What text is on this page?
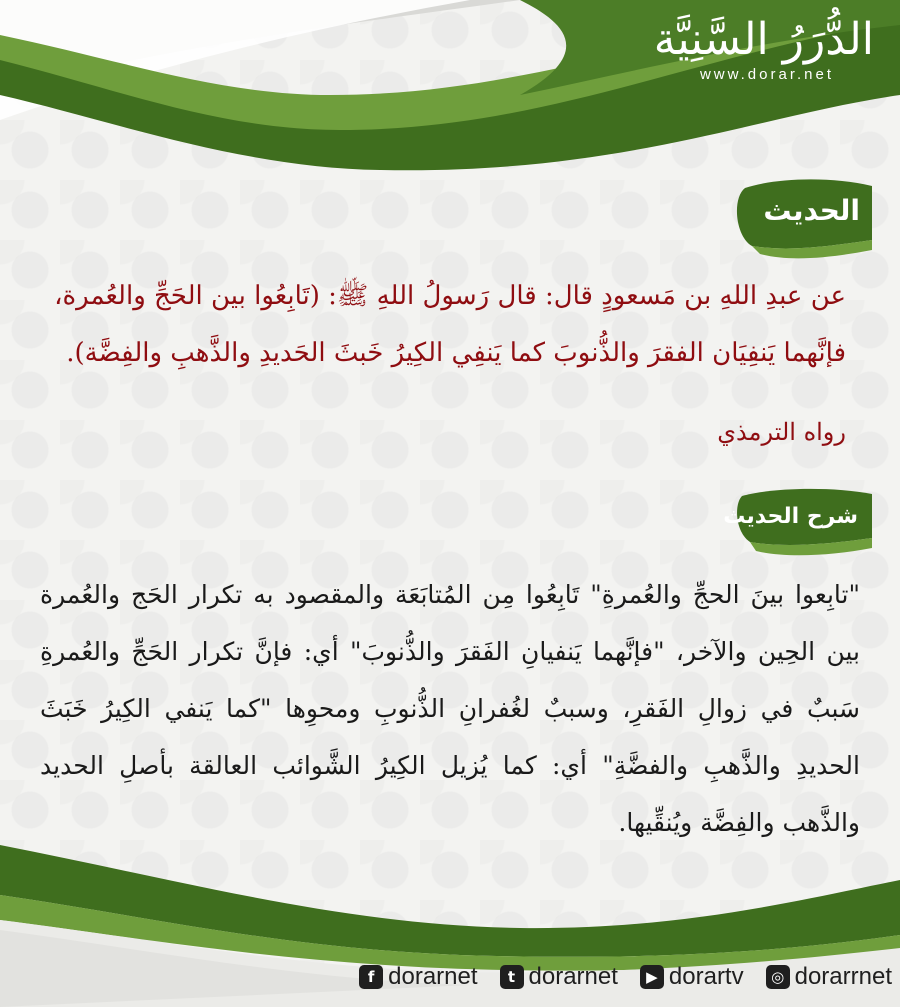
الدُّرَرُ السَّنِيَّة
www.dorar.net
الحديث
عن عبدِ اللهِ بن مَسعودٍ قال: قال رَسولُ اللهِ ﷺ: (تَابِعُوا بين الحَجِّ والعُمرة، فإنَّهما يَنفِيَان الفقرَ والذُّنوبَ كما يَنفِي الكِيرُ خَبثَ الحَديدِ والذَّهبِ والفِضَّة).
رواه الترمذي
شرح الحديث
"تابِعوا بينَ الحجِّ والعُمرةِ" تَابِعُوا مِن المُتابَعَة والمقصود به تكرار الحَج والعُمرة بين الحِين والآخر، "فإنَّهما يَنفيانِ الفَقرَ والذُّنوبَ" أي: فإنَّ تكرار الحَجِّ والعُمرةِ سَببٌ في زوالِ الفَقرِ، وسببٌ لغُفرانِ الذُّنوبِ ومحوِها "كما يَنفي الكِيرُ خَبَثَ الحديدِ والذَّهبِ والفضَّةِ" أي: كما يُزيل الكِيرُ الشَّوائب العالقة بأصلِ الحديد والذَّهب والفِضَّة ويُنقِّيها.
f dorarnet	t dorarnet	▶ dorartv	◎ dorarrnet
